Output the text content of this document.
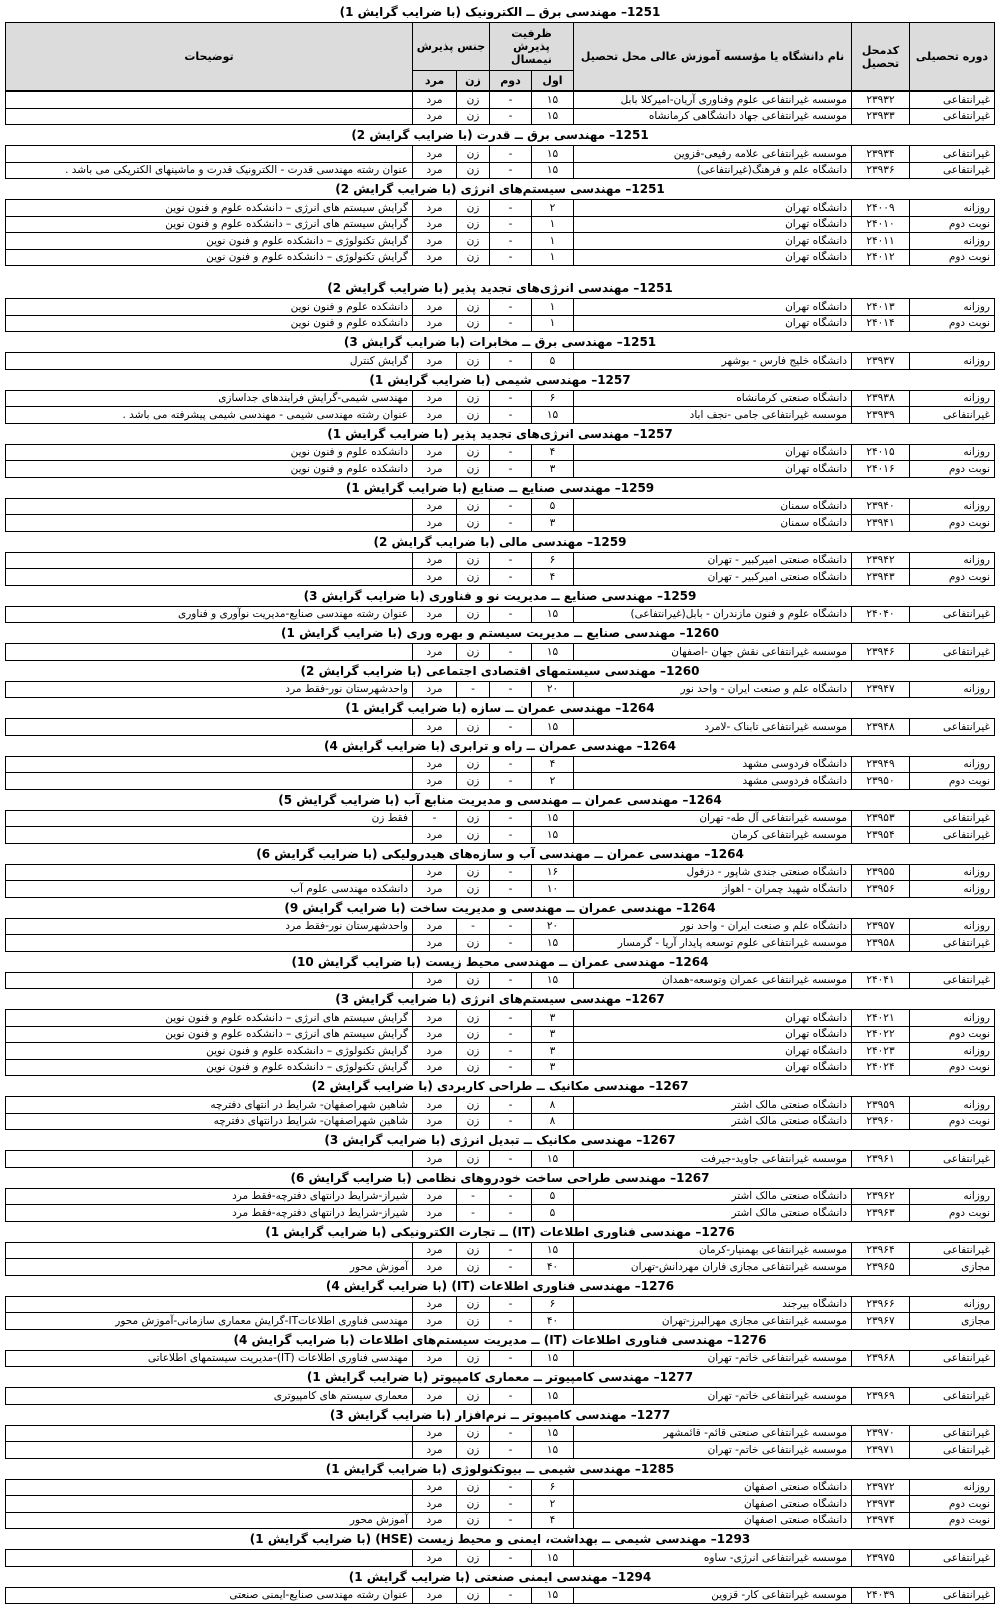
1251– مهندسی برق ــ الکترونیک (با ضرایب گرایش 1)
دوره تحصیلی	کدمحل تحصیل	نام دانشگاه یا مؤسسه آموزش عالی محل تحصیل	ظرفیت پذیرش نیمسال		جنس پذیرش		توضیحات
			اول	دوم	زن	مرد	
غیرانتفاعی	۲۳۹۳۲	موسسه غیرانتفاعی علوم وفناوری آریان-امیرکلا بابل	۱۵	-	زن	مرد	
غیرانتفاعی	۲۳۹۳۳	موسسه غیرانتفاعی جهاد دانشگاهی کرمانشاه	۱۵	-	زن	مرد	
1251– مهندسی برق ــ قدرت (با ضرایب گرایش 2)
غیرانتفاعی	۲۳۹۳۴	موسسه غیرانتفاعی علامه رفیعی-قزوین	۱۵	-	زن	مرد	
غیرانتفاعی	۲۳۹۳۶	دانشگاه علم و فرهنگ(غیرانتفاعی)	۱۵	-	زن	مرد	عنوان رشته مهندسی قدرت - الکترونیک قدرت و ماشینهای الکتریکی می باشد .
1251– مهندسی سیستم‌های انرژی (با ضرایب گرایش 2)
روزانه	۲۴۰۰۹	دانشگاه تهران	۲	-	زن	مرد	گرایش سیستم های انرژی – دانشکده علوم و فنون نوین
نوبت دوم	۲۴۰۱۰	دانشگاه تهران	۱	-	زن	مرد	گرایش سیستم های انرژی – دانشکده علوم و فنون نوین
روزانه	۲۴۰۱۱	دانشگاه تهران	۱	-	زن	مرد	گرایش تکنولوژی – دانشکده علوم و فنون نوین
نوبت دوم	۲۴۰۱۲	دانشگاه تهران	۱	-	زن	مرد	گرایش تکنولوژی – دانشکده علوم و فنون نوین
1251– مهندسی انرژی‌های تجدید پذیر (با ضرایب گرایش 2)
روزانه	۲۴۰۱۳	دانشگاه تهران	۱	-	زن	مرد	دانشکده علوم و فنون نوین
نوبت دوم	۲۴۰۱۴	دانشگاه تهران	۱	-	زن	مرد	دانشکده علوم و فنون نوین
1251– مهندسی برق ــ مخابرات (با ضرایب گرایش 3)
روزانه	۲۳۹۳۷	دانشگاه خلیج فارس - بوشهر	۵	-	زن	مرد	گرایش کنترل
1257– مهندسی شیمی (با ضرایب گرایش 1)
روزانه	۲۳۹۳۸	دانشگاه صنعتی کرمانشاه	۶	-	زن	مرد	مهندسی شیمی-گرایش فرایندهای جداسازی
غیرانتفاعی	۲۳۹۳۹	موسسه غیرانتفاعی جامی -نجف اباد	۱۵	-	زن	مرد	عنوان رشته مهندسی شیمی - مهندسی شیمی پیشرفته می باشد .
1257– مهندسی انرژی‌های تجدید پذیر (با ضرایب گرایش 1)
روزانه	۲۴۰۱۵	دانشگاه تهران	۴	-	زن	مرد	دانشکده علوم و فنون نوین
نوبت دوم	۲۴۰۱۶	دانشگاه تهران	۳	-	زن	مرد	دانشکده علوم و فنون نوین
1259– مهندسی صنایع ــ صنایع (با ضرایب گرایش 1)
روزانه	۲۳۹۴۰	دانشگاه سمنان	۵	-	زن	مرد	
نوبت دوم	۲۳۹۴۱	دانشگاه سمنان	۳	-	زن	مرد	
1259– مهندسی مالی (با ضرایب گرایش 2)
روزانه	۲۳۹۴۲	دانشگاه صنعتی امیرکبیر - تهران	۶	-	زن	مرد	
نوبت دوم	۲۳۹۴۳	دانشگاه صنعتی امیرکبیر - تهران	۴	-	زن	مرد	
1259– مهندسی صنایع ــ مدیریت نو و فناوری (با ضرایب گرایش 3)
غیرانتفاعی	۲۴۰۴۰	دانشگاه علوم و فنون مازندران - بابل(غیرانتفاعی)	۱۵	-	زن	مرد	عنوان رشته مهندسی صنایع-مدیریت نوآوری و فناوری
1260– مهندسی صنایع ــ مدیریت سیستم و بهره وری (با ضرایب گرایش 1)
غیرانتفاعی	۲۳۹۴۶	موسسه غیرانتفاعی نقش جهان -اصفهان	۱۵	-	زن	مرد	
1260– مهندسی سیستمهای اقتصادی اجتماعی (با ضرایب گرایش 2)
روزانه	۲۳۹۴۷	دانشگاه علم و صنعت ایران - واحد نور	۲۰	-	-	مرد	واحدشهرستان نور-فقط مرد
1264– مهندسی عمران ــ سازه (با ضرایب گرایش 1)
غیرانتفاعی	۲۳۹۴۸	موسسه غیرانتفاعی تابناک -لامرد	۱۵	-	زن	مرد	
1264– مهندسی عمران ــ راه و ترابری (با ضرایب گرایش 4)
روزانه	۲۳۹۴۹	دانشگاه فردوسی مشهد	۴	-	زن	مرد	
نوبت دوم	۲۳۹۵۰	دانشگاه فردوسی مشهد	۲	-	زن	مرد	
1264– مهندسی عمران ــ مهندسی و مدیریت منابع آب (با ضرایب گرایش 5)
غیرانتفاعی	۲۳۹۵۳	موسسه غیرانتفاعی آل طه- تهران	۱۵	-	زن	-	فقط زن
غیرانتفاعی	۲۳۹۵۴	موسسه غیرانتفاعی کرمان	۱۵	-	زن	مرد	
1264– مهندسی عمران ــ مهندسی آب و سازه‌های هیدرولیکی (با ضرایب گرایش 6)
روزانه	۲۳۹۵۵	دانشگاه صنعتی جندی شاپور - دزفول	۱۶	-	زن	مرد	
روزانه	۲۳۹۵۶	دانشگاه شهید چمران - اهواز	۱۰	-	زن	مرد	دانشکده مهندسی علوم آب
1264– مهندسی عمران ــ مهندسی و مدیریت ساخت (با ضرایب گرایش 9)
روزانه	۲۳۹۵۷	دانشگاه علم و صنعت ایران - واحد نور	۲۰	-	-	مرد	واحدشهرستان نور-فقط مرد
غیرانتفاعی	۲۳۹۵۸	موسسه غیرانتفاعی علوم توسعه پایدار آریا - گرمسار	۱۵	-	زن	مرد	
1264– مهندسی عمران ــ مهندسی محیط زیست (با ضرایب گرایش 10)
غیرانتفاعی	۲۴۰۴۱	موسسه غیرانتفاعی عمران وتوسعه-همدان	۱۵	-	زن	مرد	
1267– مهندسی سیستم‌های انرژی (با ضرایب گرایش 3)
روزانه	۲۴۰۲۱	دانشگاه تهران	۳	-	زن	مرد	گرایش سیستم های انرژی – دانشکده علوم و فنون نوین
نوبت دوم	۲۴۰۲۲	دانشگاه تهران	۳	-	زن	مرد	گرایش سیستم های انرژی – دانشکده علوم و فنون نوین
روزانه	۲۴۰۲۳	دانشگاه تهران	۳	-	زن	مرد	گرایش تکنولوژی – دانشکده علوم و فنون نوین
نوبت دوم	۲۴۰۲۴	دانشگاه تهران	۳	-	زن	مرد	گرایش تکنولوژی – دانشکده علوم و فنون نوین
1267– مهندسی مکانیک ــ طراحی کاربردی (با ضرایب گرایش 2)
روزانه	۲۳۹۵۹	دانشگاه صنعتی مالک اشتر	۸	-	زن	مرد	شاهین شهراصفهان- شرایط در انتهای دفترچه
نوبت دوم	۲۳۹۶۰	دانشگاه صنعتی مالک اشتر	۸	-	زن	مرد	شاهین شهراصفهان- شرایط درانتهای دفترچه
1267– مهندسی مکانیک ــ تبدیل انرژی (با ضرایب گرایش 3)
غیرانتفاعی	۲۳۹۶۱	موسسه غیرانتفاعی جاوید-جیرفت	۱۵	-	زن	مرد	
1267– مهندسی طراحی ساخت خودروهای نظامی (با ضرایب گرایش 6)
روزانه	۲۳۹۶۲	دانشگاه صنعتی مالک اشتر	۵	-	-	مرد	شیراز-شرایط درانتهای دفترچه-فقط مرد
نوبت دوم	۲۳۹۶۳	دانشگاه صنعتی مالک اشتر	۵	-	-	مرد	شیراز-شرایط درانتهای دفترچه-فقط مرد
1276– مهندسی فناوری اطلاعات (IT) ــ تجارت الکترونیکی (با ضرایب گرایش 1)
غیرانتفاعی	۲۳۹۶۴	موسسه غیرانتفاعی بهمنیار-کرمان	۱۵	-	زن	مرد	
مجازی	۲۳۹۶۵	موسسه غیرانتفاعی مجازی فاران مهردانش-تهران	۴۰	-	زن	مرد	آموزش محور
1276– مهندسی فناوری اطلاعات (IT) (با ضرایب گرایش 4)
روزانه	۲۳۹۶۶	دانشگاه بیرجند	۶	-	زن	مرد	
مجازی	۲۳۹۶۷	موسسه غیرانتفاعی مجازی مهرالبرز-تهران	۴۰	-	زن	مرد	مهندسی فناوری اطلاعاتIT-گرایش معماری سازمانی-آموزش محور
1276– مهندسی فناوری اطلاعات (IT) ــ مدیریت سیستم‌های اطلاعات (با ضرایب گرایش 4)
غیرانتفاعی	۲۳۹۶۸	موسسه غیرانتفاعی خاتم- تهران	۱۵	-	زن	مرد	مهندسی فناوری اطلاعات (IT)-مدیریت سیستمهای اطلاعاتی
1277– مهندسی کامپیوتر ــ معماری کامپیوتر (با ضرایب گرایش 1)
غیرانتفاعی	۲۳۹۶۹	موسسه غیرانتفاعی خاتم- تهران	۱۵	-	زن	مرد	معماری سیستم های کامپیوتری
1277– مهندسی کامپیوتر ــ نرم‌افزار (با ضرایب گرایش 3)
غیرانتفاعی	۲۳۹۷۰	موسسه غیرانتفاعی صنعتی قائم- قائمشهر	۱۵	-	زن	مرد	
غیرانتفاعی	۲۳۹۷۱	موسسه غیرانتفاعی خاتم- تهران	۱۵	-	زن	مرد	
1285– مهندسی شیمی ــ بیوتکنولوژی (با ضرایب گرایش 1)
روزانه	۲۳۹۷۲	دانشگاه صنعتی اصفهان	۶	-	زن	مرد	
نوبت دوم	۲۳۹۷۳	دانشگاه صنعتی اصفهان	۲	-	زن	مرد	
نوبت دوم	۲۳۹۷۴	دانشگاه صنعتی اصفهان	۴	-	زن	مرد	آموزش محور
1293– مهندسی شیمی ــ بهداشت، ایمنی و محیط زیست (HSE) (با ضرایب گرایش 1)
غیرانتفاعی	۲۳۹۷۵	موسسه غیرانتفاعی انرژی- ساوه	۱۵	-	زن	مرد	
1294– مهندسی ایمنی صنعتی (با ضرایب گرایش 1)
غیرانتفاعی	۲۴۰۳۹	موسسه غیرانتفاعی کار- قزوین	۱۵	-	زن	مرد	عنوان رشته مهندسی صنایع-ایمنی صنعتی
